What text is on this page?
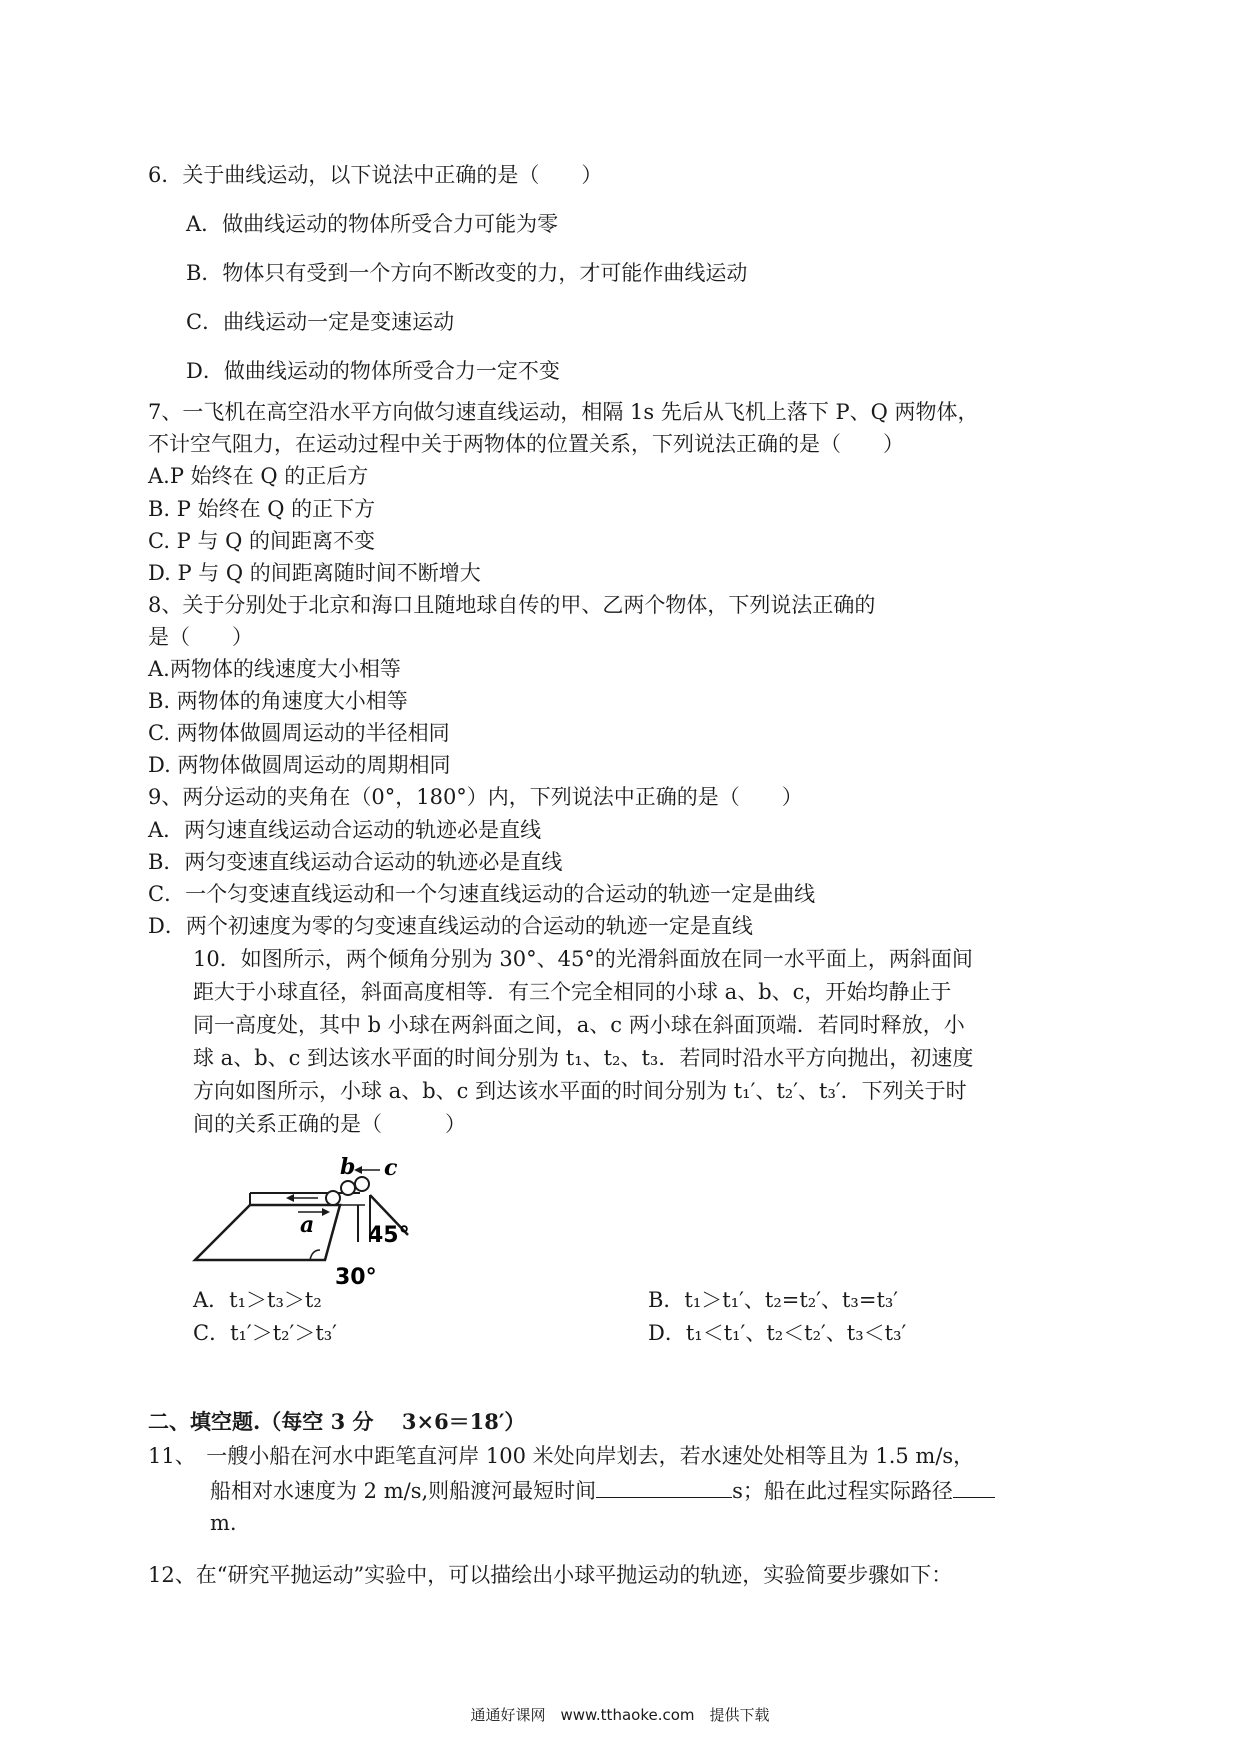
6．关于曲线运动，以下说法中正确的是（　　）

A．做曲线运动的物体所受合力可能为零

B．物体只有受到一个方向不断改变的力，才可能作曲线运动

C．曲线运动一定是变速运动

D．做曲线运动的物体所受合力一定不变

7、一飞机在高空沿水平方向做匀速直线运动，相隔 1s 先后从飞机上落下 P、Q 两物体，

不计空气阻力，在运动过程中关于两物体的位置关系，下列说法正确的是（　　）

A.P 始终在 Q 的正后方

B. P 始终在 Q 的正下方

C. P 与 Q 的间距离不变

D. P 与 Q 的间距离随时间不断增大

8、关于分别处于北京和海口且随地球自传的甲、乙两个物体，下列说法正确的

是（　　）

A.两物体的线速度大小相等

B. 两物体的角速度大小相等

C. 两物体做圆周运动的半径相同

D. 两物体做圆周运动的周期相同

9、两分运动的夹角在（0°，180°）内，下列说法中正确的是（　　）

A．两匀速直线运动合运动的轨迹必是直线

B．两匀变速直线运动合运动的轨迹必是直线

C．一个匀变速直线运动和一个匀速直线运动的合运动的轨迹一定是曲线

D．两个初速度为零的匀变速直线运动的合运动的轨迹一定是直线

10．如图所示，两个倾角分别为 30°、45°的光滑斜面放在同一水平面上，两斜面间

距大于小球直径，斜面高度相等．有三个完全相同的小球 a、b、c，开始均静止于

同一高度处，其中 b 小球在两斜面之间，a、c 两小球在斜面顶端．若同时释放，小

球 a、b、c 到达该水平面的时间分别为 t₁、t₂、t₃．若同时沿水平方向抛出，初速度

方向如图所示，小球 a、b、c 到达该水平面的时间分别为 t₁′、t₂′、t₃′．下列关于时

间的关系正确的是（　　　）

30°
45°
a
b c
A．t₁＞t₃＞t₂	B．t₁＞t₁′、t₂=t₂′、t₃=t₃′
C．t₁′＞t₂′＞t₃′	D．t₁＜t₁′、t₂＜t₂′、t₃＜t₃′

二、填空题.（每空 3 分　 3×6＝18′）

11、　一艘小船在河水中距笔直河岸 100 米处向岸划去，若水速处处相等且为 1.5 m/s，

船相对水速度为 2 m/s,则船渡河最短时间	s；船在此过程实际路径

m.

12、在“研究平抛运动”实验中，可以描绘出小球平抛运动的轨迹，实验简要步骤如下：

通通好课网　www.tthaoke.com　提供下载
